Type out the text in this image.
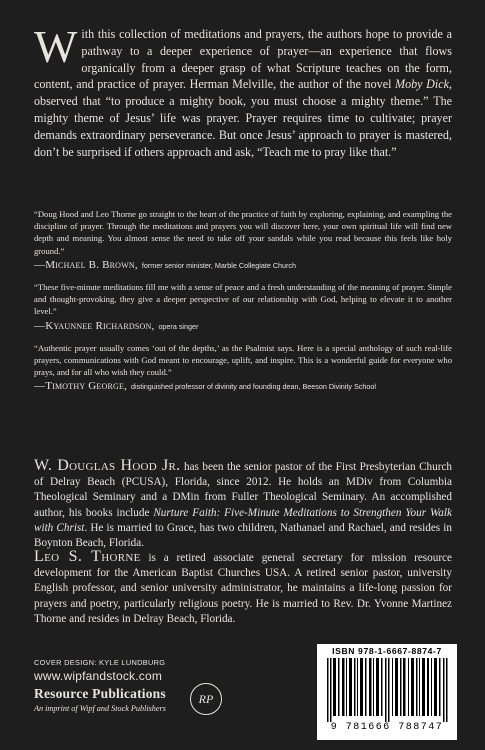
With this collection of meditations and prayers, the authors hope to provide a pathway to a deeper experience of prayer—an experience that flows organically from a deeper grasp of what Scripture teaches on the form, content, and practice of prayer. Herman Melville, the author of the novel Moby Dick, observed that “to produce a mighty book, you must choose a mighty theme.” The mighty theme of Jesus’ life was prayer. Prayer requires time to cultivate; prayer demands extraordinary perseverance. But once Jesus’ approach to prayer is mastered, don’t be surprised if others approach and ask, “Teach me to pray like that.”
“Doug Hood and Leo Thorne go straight to the heart of the practice of faith by exploring, explaining, and exampling the discipline of prayer. Through the meditations and prayers you will discover here, your own spiritual life will find new depth and meaning. You almost sense the need to take off your sandals while you read because this feels like holy ground.”
—Michael B. Brown, former senior minister, Marble Collegiate Church
“These five-minute meditations fill me with a sense of peace and a fresh understanding of the meaning of prayer. Simple and thought-provoking, they give a deeper perspective of our relationship with God, helping to elevate it to another level.”
—Kyaunnee Richardson, opera singer
“Authentic prayer usually comes ‘out of the depths,’ as the Psalmist says. Here is a special anthology of such real-life prayers, communications with God meant to encourage, uplift, and inspire. This is a wonderful guide for everyone who prays, and for all who wish they could.”
—Timothy George, distinguished professor of divinity and founding dean, Beeson Divinity School
W. Douglas Hood Jr. has been the senior pastor of the First Presbyterian Church of Delray Beach (PCUSA), Florida, since 2012. He holds an MDiv from Columbia Theological Seminary and a DMin from Fuller Theological Seminary. An accomplished author, his books include Nurture Faith: Five-Minute Meditations to Strengthen Your Walk with Christ. He is married to Grace, has two children, Nathanael and Rachael, and resides in Boynton Beach, Florida.
Leo S. Thorne is a retired associate general secretary for mission resource development for the American Baptist Churches USA. A retired senior pastor, university English professor, and senior university administrator, he maintains a life-long passion for prayers and poetry, particularly religious poetry. He is married to Rev. Dr. Yvonne Martinez Thorne and resides in Delray Beach, Florida.
COVER DESIGN: KYLE LUNDBURG
www.wipfandstock.com
Resource Publications
An imprint of Wipf and Stock Publishers
RP
ISBN 978-1-6667-8874-7
9 781666 788747
